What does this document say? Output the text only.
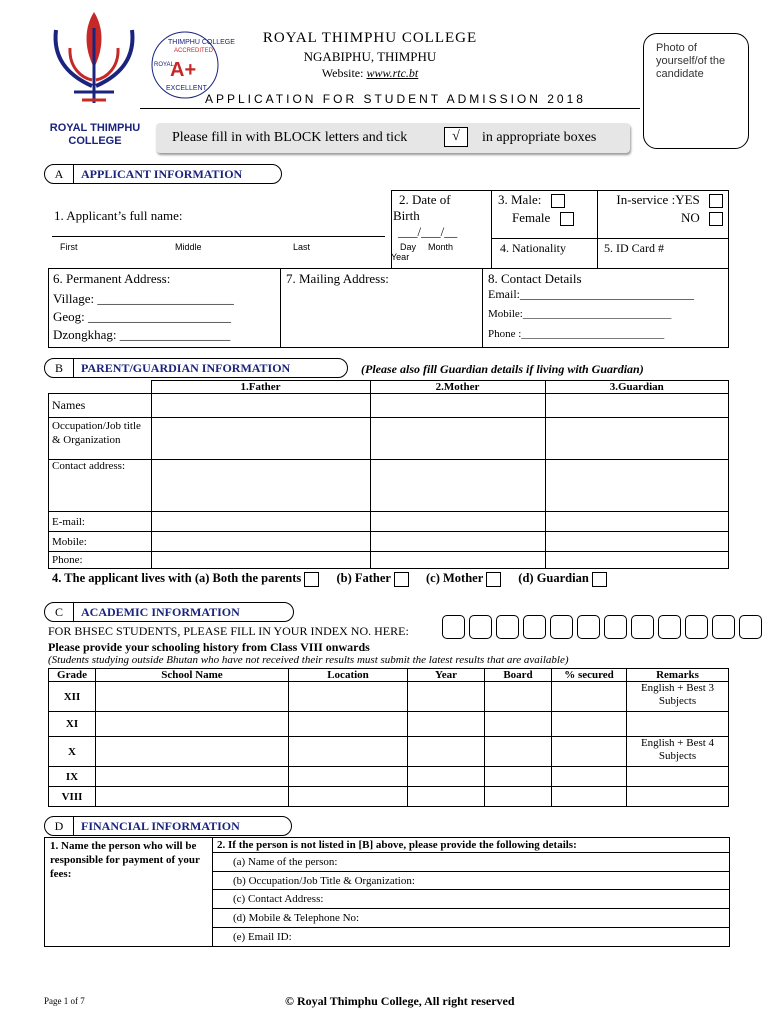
ROYAL THIMPHU
COLLEGE
THIMPHU COLLEGE
ACCREDITED
ROYAL
A+
EXCELLENT
ROYAL THIMPHU COLLEGE
NGABIPHU, THIMPHU
Website: www.rtc.bt
APPLICATION FOR STUDENT ADMISSION 2018
Photo of yourself/of the candidate
Please fill in with BLOCK letters and tick	√	in appropriate boxes
A	APPLICANT INFORMATION
1. Applicant’s full name:
First	Middle	Last
2. Date of Birth
___/___/__
Day Month
Year
3. Male:
Female
In-service :YES
NO
4. Nationality	5. ID Card #
6. Permanent Address:
Village: _____________________
Geog: ______________________
Dzongkhag: _________________
7. Mailing Address:	8. Contact Details
Email:_____________________________
Mobile:___________________________
Phone :__________________________
B	PARENT/GUARDIAN INFORMATION	(Please also fill Guardian details if living with Guardian)
	1.Father	2.Mother	3.Guardian
Names			
Occupation/Job title & Organization			
Contact address:			
E-mail:			
Mobile:			
Phone:			
4. The applicant lives with (a) Both the parents	(b) Father	(c) Mother	(d) Guardian
C	ACADEMIC INFORMATION
FOR BHSEC STUDENTS, PLEASE FILL IN YOUR INDEX NO. HERE:
Please provide your schooling history from Class VIII onwards
(Students studying outside Bhutan who have not received their results must submit the latest results that are available)
Grade	School Name	Location	Year	Board	% secured	Remarks
XII						English + Best 3 Subjects
XI						
X						English + Best 4 Subjects
IX						
VIII						
D	FINANCIAL INFORMATION
1. Name the person who will be responsible for payment of your fees:
2. If the person is not listed in [B] above, please provide the following details:
(a) Name of the person:
(b) Occupation/Job Title & Organization:
(c) Contact Address:
(d) Mobile & Telephone No:
(e) Email ID:
Page 1 of 7	© Royal Thimphu College, All right reserved
